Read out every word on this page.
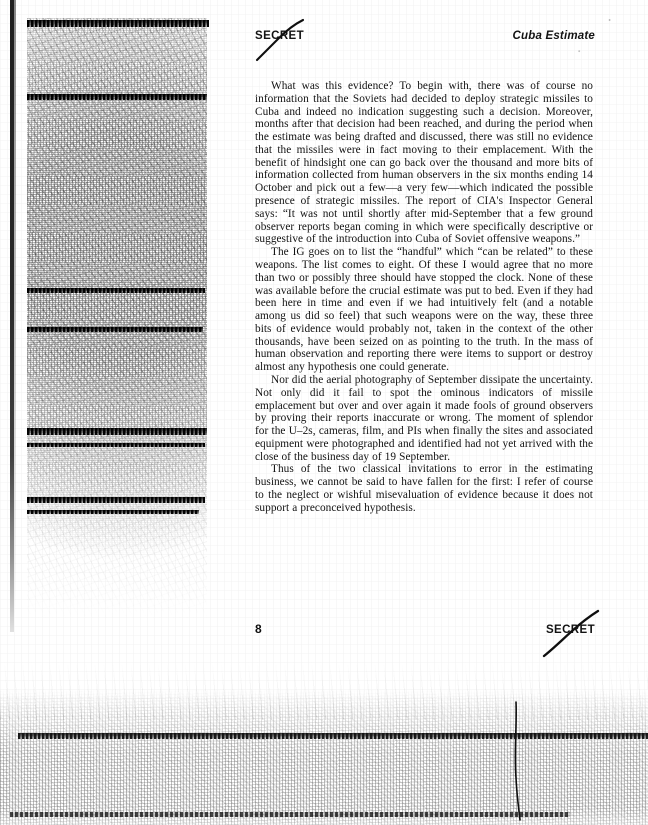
SECRET	Cuba Estimate

What was this evidence? To begin with, there was of course no information that the Soviets had decided to deploy strategic missiles to Cuba and indeed no indication suggesting such a decision. Moreover, months after that decision had been reached, and during the period when the estimate was being drafted and discussed, there was still no evidence that the missiles were in fact moving to their emplacement. With the benefit of hindsight one can go back over the thousand and more bits of information collected from human observers in the six months ending 14 October and pick out a few—a very few—which indicated the possible presence of strategic missiles. The report of CIA's Inspector General says: “It was not until shortly after mid-September that a few ground observer reports began coming in which were specifically descriptive or suggestive of the introduction into Cuba of Soviet offensive weapons.”

The IG goes on to list the “handful” which “can be related” to these weapons. The list comes to eight. Of these I would agree that no more than two or possibly three should have stopped the clock. None of these was available before the crucial estimate was put to bed. Even if they had been here in time and even if we had intuitively felt (and a notable among us did so feel) that such weapons were on the way, these three bits of evidence would probably not, taken in the context of the other thousands, have been seized on as pointing to the truth. In the mass of human observation and reporting there were items to support or destroy almost any hypothesis one could generate.

Nor did the aerial photography of September dissipate the uncertainty. Not only did it fail to spot the ominous indicators of missile emplacement but over and over again it made fools of ground observers by proving their reports inaccurate or wrong. The moment of splendor for the U–2s, cameras, film, and PIs when finally the sites and associated equipment were photographed and identified had not yet arrived with the close of the business day of 19 September.

Thus of the two classical invitations to error in the estimating business, we cannot be said to have fallen for the first: I refer of course to the neglect or wishful misevaluation of evidence because it does not support a preconceived hypothesis.

8	SECRET
